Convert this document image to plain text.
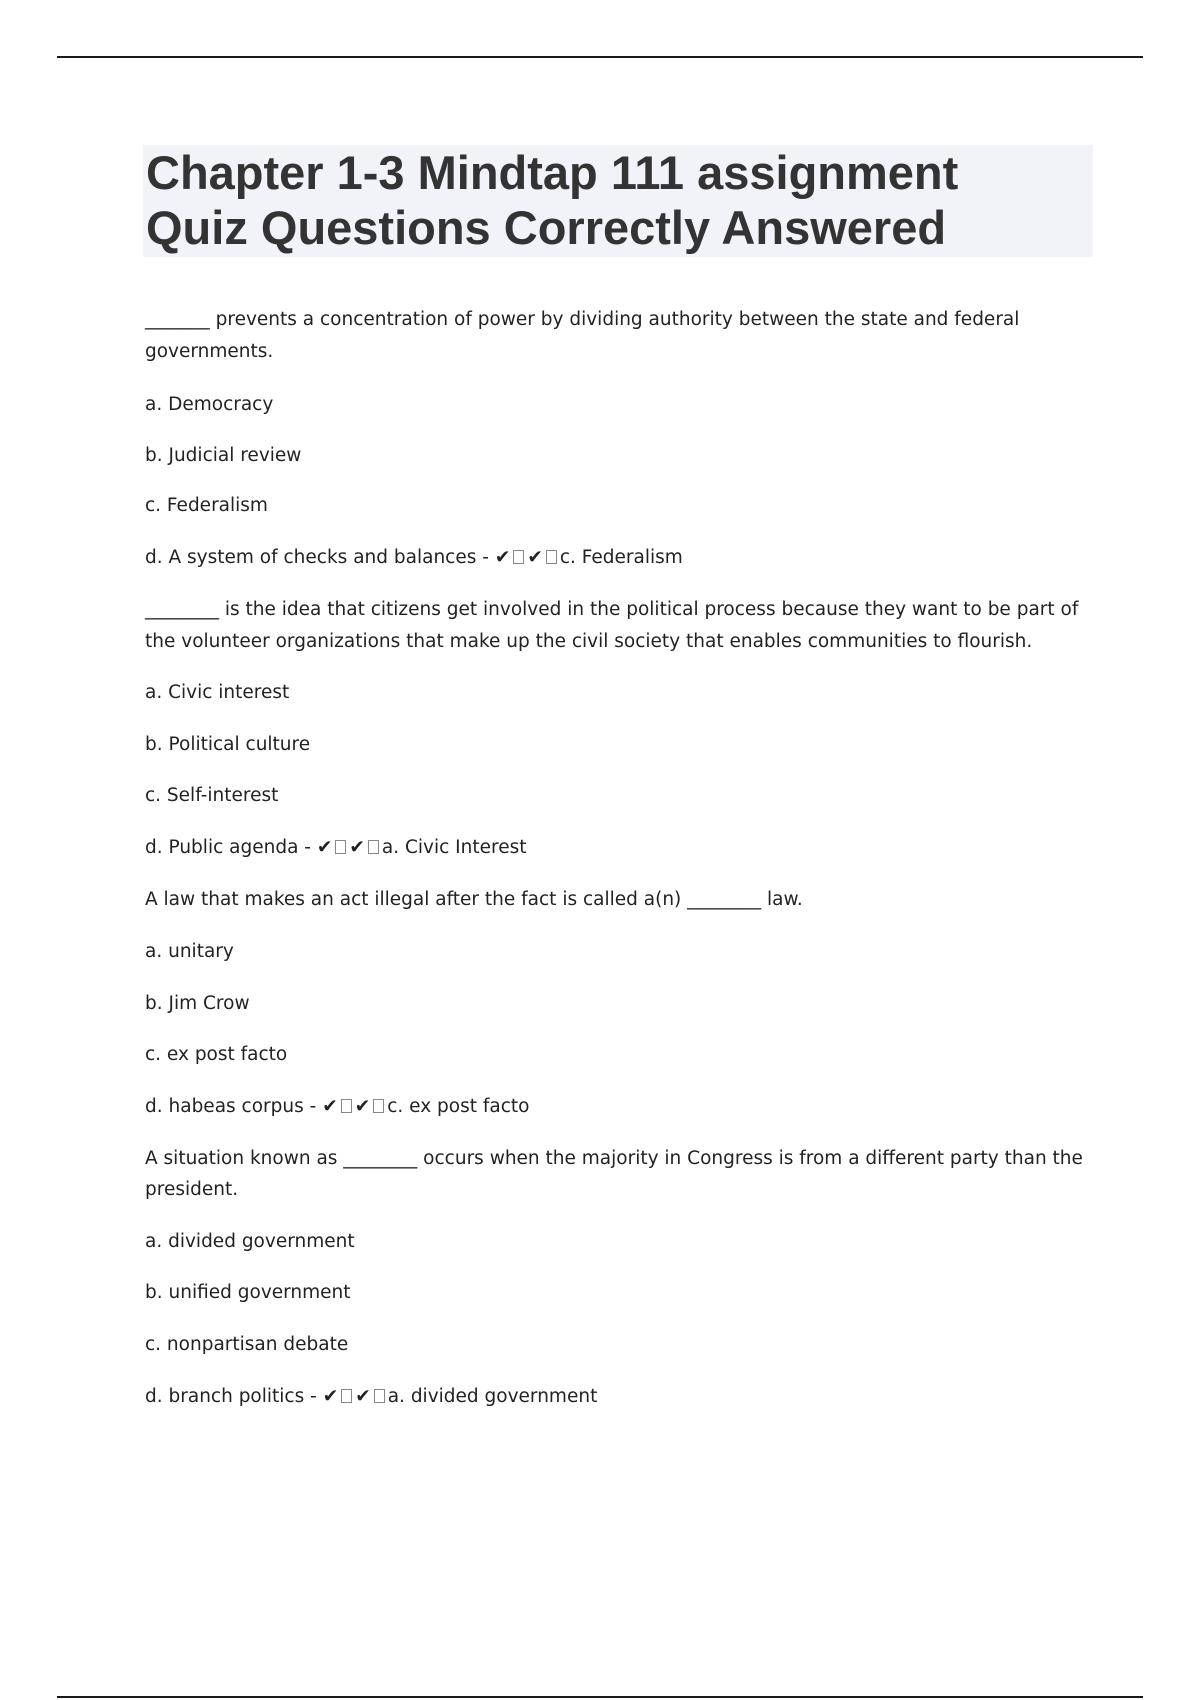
Chapter 1-3 Mindtap 111 assignment
Quiz Questions Correctly Answered
_______ prevents a concentration of power by dividing authority between the state and federal
governments.
a. Democracy
b. Judicial review
c. Federalism
d. A system of checks and balances - ✔ ✔ c. Federalism
________ is the idea that citizens get involved in the political process because they want to be part of
the volunteer organizations that make up the civil society that enables communities to flourish.
a. Civic interest
b. Political culture
c. Self-interest
d. Public agenda - ✔ ✔ a. Civic Interest
A law that makes an act illegal after the fact is called a(n) ________ law.
a. unitary
b. Jim Crow
c. ex post facto
d. habeas corpus - ✔ ✔ c. ex post facto
A situation known as ________ occurs when the majority in Congress is from a different party than the
president.
a. divided government
b. unified government
c. nonpartisan debate
d. branch politics - ✔ ✔ a. divided government
